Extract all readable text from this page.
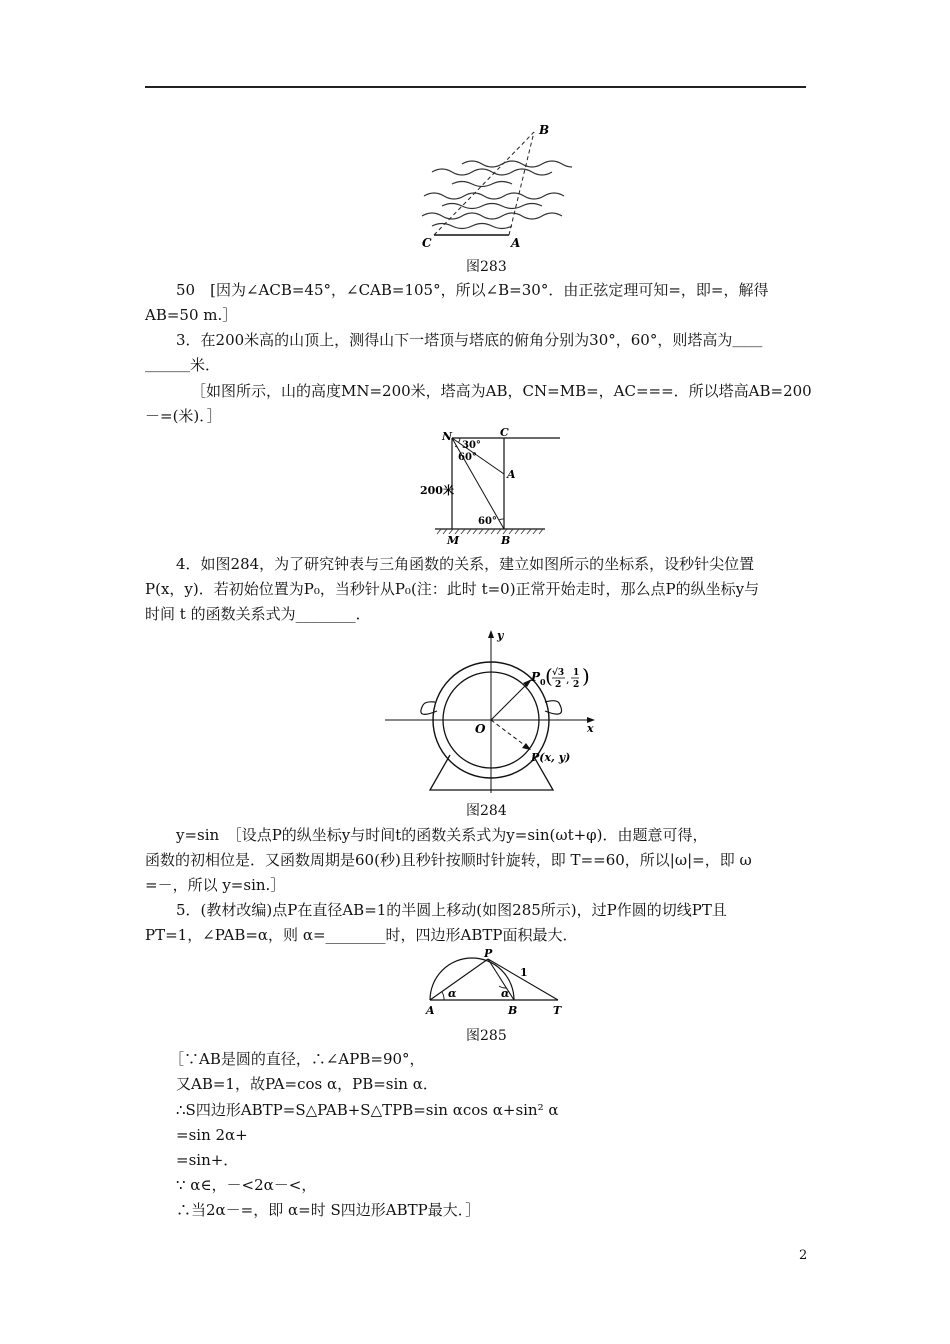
B
C	A
图283
50　[因为∠ACB=45°，∠CAB=105°，所以∠B=30°．由正弦定理可知=，即=，解得
AB=50 m.］
3．在200米高的山顶上，测得山下一塔顶与塔底的俯角分别为30°，60°，则塔高为＿＿
＿＿＿米．
［如图所示，山的高度MN=200米，塔高为AB，CN=MB=，AC===．所以塔高AB=200
－=(米)．］
N	C
A
M	B
200米
30°
60°
60°
4．如图284，为了研究钟表与三角函数的关系，建立如图所示的坐标系，设秒针尖位置
P(x，y)．若初始位置为P₀，当秒针从P₀(注：此时 t=0)正常开始走时，那么点P的纵坐标y与
时间 t 的函数关系式为________．
y
x
O
P 0 ( √3
2 , 1
2 )
P(x, y)
图284
y=sin　［设点P的纵坐标y与时间t的函数关系式为y=sin(ωt+φ)．由题意可得，
函数的初相位是．又函数周期是60(秒)且秒针按顺时针旋转，即 T==60，所以|ω|=，即 ω
=－，所以 y=sin.］
5．(教材改编)点P在直径AB=1的半圆上移动(如图285所示)，过P作圆的切线PT且
PT=1，∠PAB=α，则 α=________时，四边形ABTP面积最大．
P
A	B	T
1
α	α
图285
［∵AB是圆的直径，∴∠APB=90°，
又AB=1，故PA=cos α，PB=sin α．
∴S四边形ABTP=S△PAB+S△TPB=sin αcos α+sin² α
=sin 2α+
=sin+．
∵ α∈，－<2α－<，
∴当2α－=，即 α=时 S四边形ABTP最大．］
2
